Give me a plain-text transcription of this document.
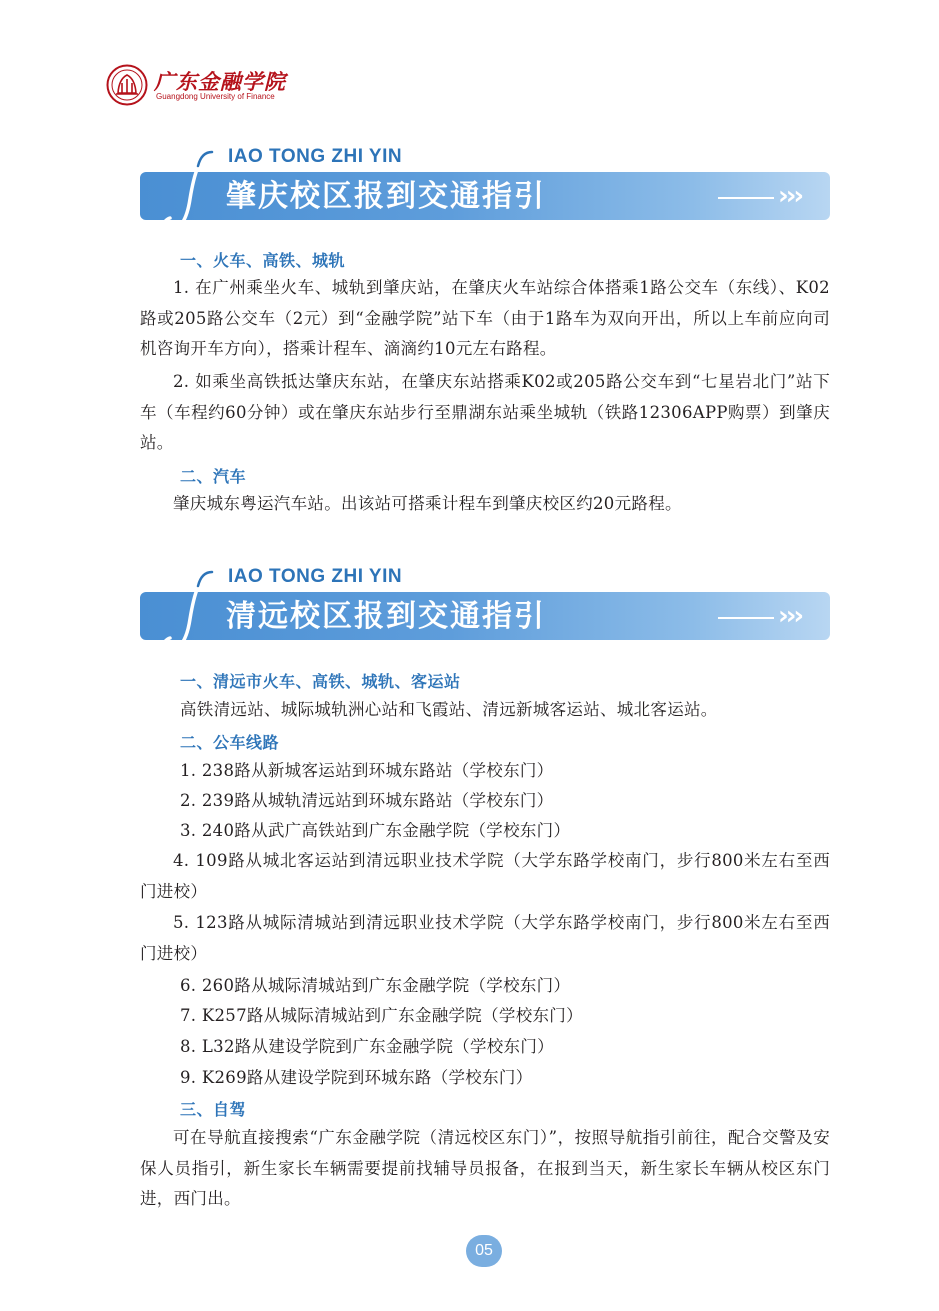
广东金融学院
Guangdong University of Finance
IAO TONG ZHI YIN
肇庆校区报到交通指引	›››
一、火车、高铁、城轨
1. 在广州乘坐火车、城轨到肇庆站，在肇庆火车站综合体搭乘1路公交车（东线）、K02路或205路公交车（2元）到“金融学院”站下车（由于1路车为双向开出，所以上车前应向司机咨询开车方向），搭乘计程车、滴滴约10元左右路程。
2. 如乘坐高铁抵达肇庆东站，在肇庆东站搭乘K02或205路公交车到“七星岩北门”站下车（车程约60分钟）或在肇庆东站步行至鼎湖东站乘坐城轨（铁路12306APP购票）到肇庆站。
二、汽车
肇庆城东粤运汽车站。出该站可搭乘计程车到肇庆校区约20元路程。
IAO TONG ZHI YIN
清远校区报到交通指引	›››
一、清远市火车、高铁、城轨、客运站
高铁清远站、城际城轨洲心站和飞霞站、清远新城客运站、城北客运站。
二、公车线路
1. 238路从新城客运站到环城东路站（学校东门）
2. 239路从城轨清远站到环城东路站（学校东门）
3. 240路从武广高铁站到广东金融学院（学校东门）
4. 109路从城北客运站到清远职业技术学院（大学东路学校南门，步行800米左右至西门进校）
5. 123路从城际清城站到清远职业技术学院（大学东路学校南门，步行800米左右至西门进校）
6. 260路从城际清城站到广东金融学院（学校东门）
7. K257路从城际清城站到广东金融学院（学校东门）
8. L32路从建设学院到广东金融学院（学校东门）
9. K269路从建设学院到环城东路（学校东门）
三、自驾
可在导航直接搜索“广东金融学院（清远校区东门）”，按照导航指引前往，配合交警及安保人员指引，新生家长车辆需要提前找辅导员报备，在报到当天，新生家长车辆从校区东门进，西门出。
05
